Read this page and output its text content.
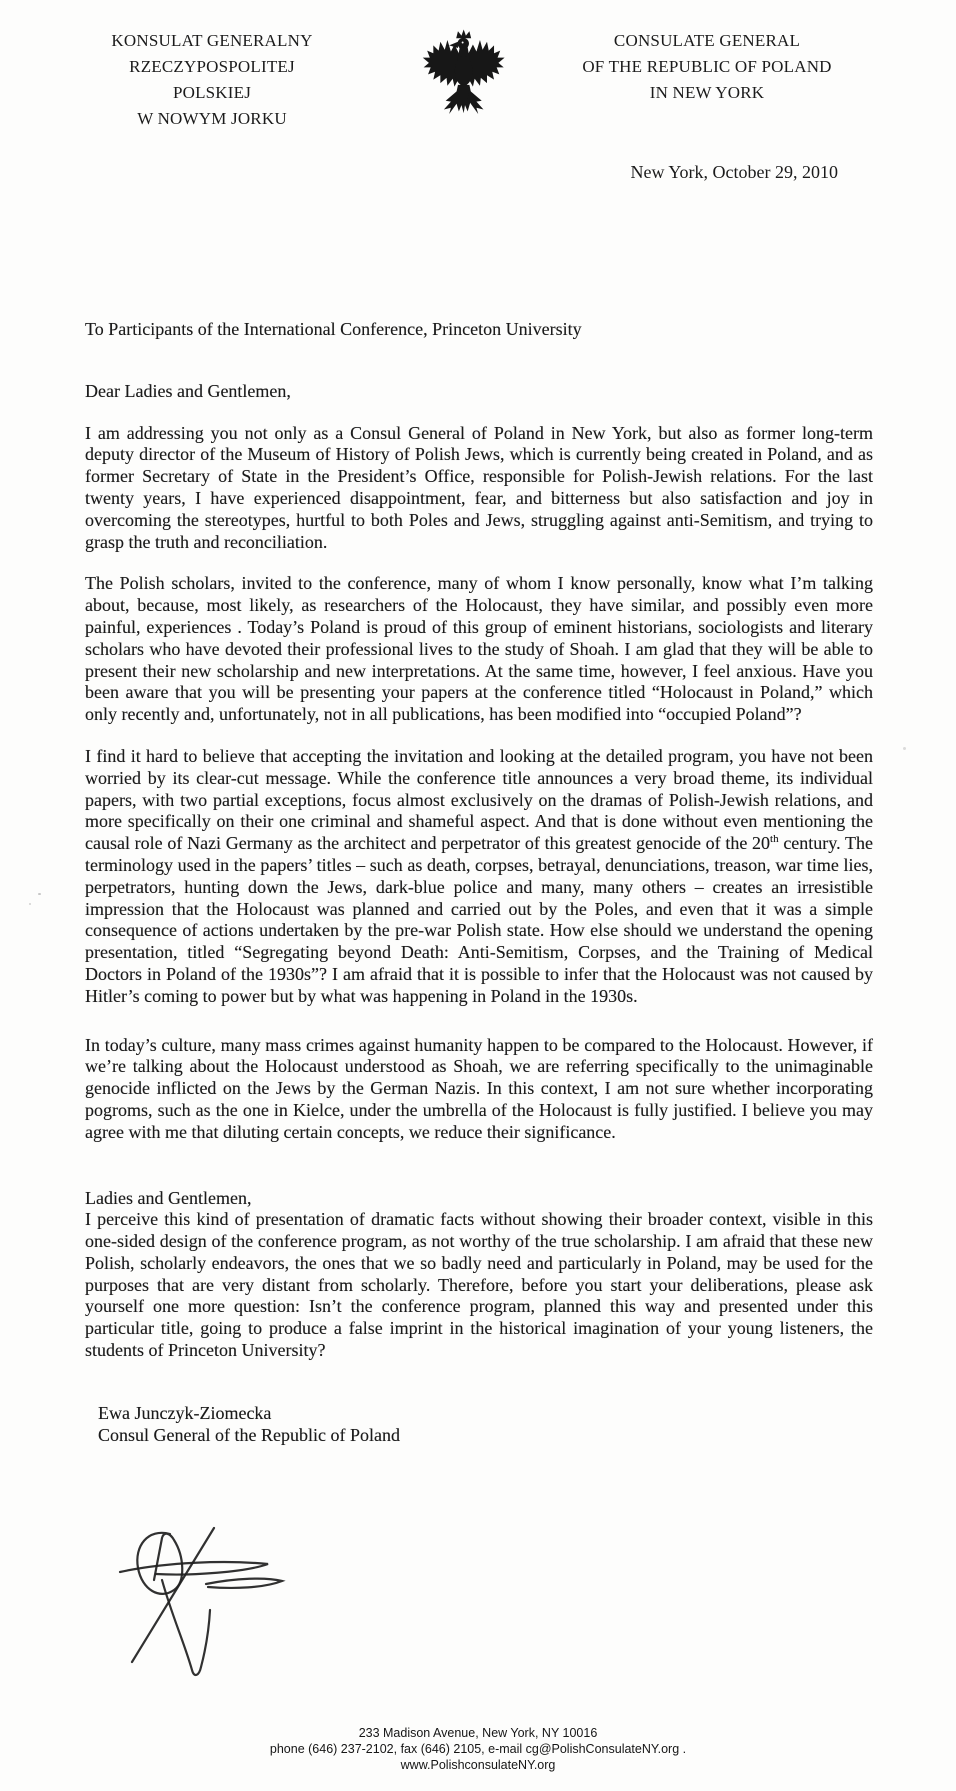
KONSULAT GENERALNY
RZECZYPOSPOLITEJ POLSKIEJ
W NOWYM JORKU
CONSULATE GENERAL
OF THE REPUBLIC OF POLAND
IN NEW YORK
New York, October 29, 2010
To Participants of the International Conference, Princeton University
Dear Ladies and Gentlemen,

I am addressing you not only as a Consul General of Poland in New York, but also as former long-term deputy director of the Museum of History of Polish Jews, which is currently being created in Poland, and as former Secretary of State in the President’s Office, responsible for Polish-Jewish relations. For the last twenty years, I have experienced disappointment, fear, and bitterness but also satisfaction and joy in overcoming the stereotypes, hurtful to both Poles and Jews, struggling against anti-Semitism, and trying to grasp the truth and reconciliation.

The Polish scholars, invited to the conference, many of whom I know personally, know what I’m talking about, because, most likely, as researchers of the Holocaust, they have similar, and possibly even more painful, experiences . Today’s Poland is proud of this group of eminent historians, sociologists and literary scholars who have devoted their professional lives to the study of Shoah. I am glad that they will be able to present their new scholarship and new interpretations. At the same time, however, I feel anxious. Have you been aware that you will be presenting your papers at the conference titled “Holocaust in Poland,” which only recently and, unfortunately, not in all publications, has been modified into “occupied Poland”?

I find it hard to believe that accepting the invitation and looking at the detailed program, you have not been worried by its clear-cut message. While the conference title announces a very broad theme, its individual papers, with two partial exceptions, focus almost exclusively on the dramas of Polish-Jewish relations, and more specifically on their one criminal and shameful aspect. And that is done without even mentioning the causal role of Nazi Germany as the architect and perpetrator of this greatest genocide of the 20th century. The terminology used in the papers’ titles – such as death, corpses, betrayal, denunciations, treason, war time lies, perpetrators, hunting down the Jews, dark-blue police and many, many others – creates an irresistible impression that the Holocaust was planned and carried out by the Poles, and even that it was a simple consequence of actions undertaken by the pre-war Polish state. How else should we understand the opening presentation, titled “Segregating beyond Death: Anti-Semitism, Corpses, and the Training of Medical Doctors in Poland of the 1930s”? I am afraid that it is possible to infer that the Holocaust was not caused by Hitler’s coming to power but by what was happening in Poland in the 1930s.

In today’s culture, many mass crimes against humanity happen to be compared to the Holocaust. However, if we’re talking about the Holocaust understood as Shoah, we are referring specifically to the unimaginable genocide inflicted on the Jews by the German Nazis. In this context, I am not sure whether incorporating pogroms, such as the one in Kielce, under the umbrella of the Holocaust is fully justified. I believe you may agree with me that diluting certain concepts, we reduce their significance.

Ladies and Gentlemen,

I perceive this kind of presentation of dramatic facts without showing their broader context, visible in this one-sided design of the conference program, as not worthy of the true scholarship. I am afraid that these new Polish, scholarly endeavors, the ones that we so badly need and particularly in Poland, may be used for the purposes that are very distant from scholarly. Therefore, before you start your deliberations, please ask yourself one more question: Isn’t the conference program, planned this way and presented under this particular title, going to produce a false imprint in the historical imagination of your young listeners, the students of Princeton University?

Ewa Junczyk-Ziomecka
Consul General of the Republic of Poland
233 Madison Avenue, New York, NY 10016
phone (646) 237-2102, fax (646) 2105, e-mail cg@PolishConsulateNY.org .
www.PolishconsulateNY.org
